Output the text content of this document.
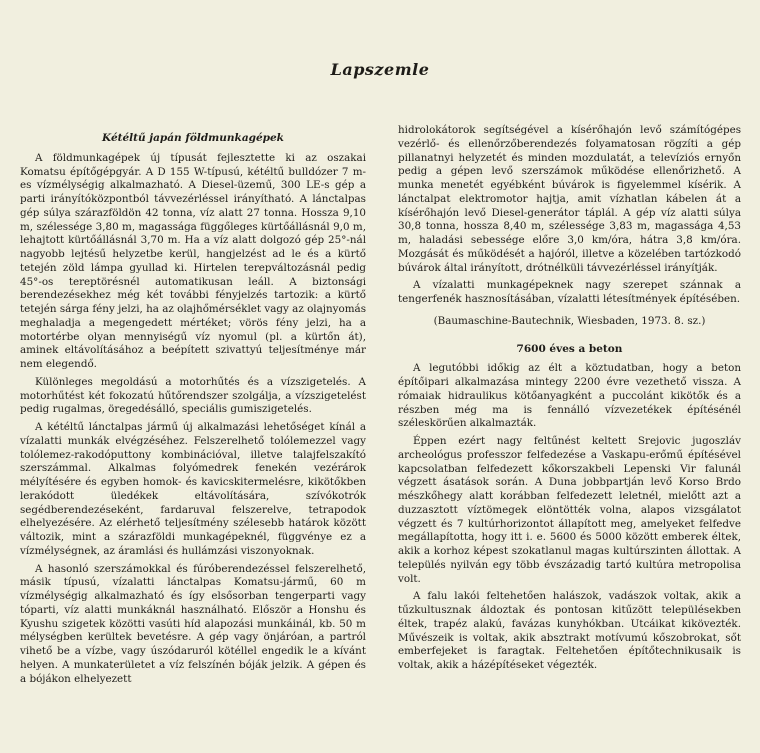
Lapszemle
Kétéltű japán földmunkagépek

A földmunkagépek új típusát fejlesztette ki az oszakai Komatsu építőgépgyár. A D 155 W-típusú, kétéltű bulldózer 7 m-es vízmélységig alkalmazható. A Diesel-üzemű, 300 LE-s gép a parti irányítóközpontból távvezérléssel irányítható. A lánctalpas gép súlya szárazföldön 42 tonna, víz alatt 27 tonna. Hossza 9,10 m, szélessége 3,80 m, magassága függőleges kürtőállásnál 9,0 m, lehajtott kürtőállásnál 3,70 m. Ha a víz alatt dolgozó gép 25°-nál nagyobb lejtésű helyzetbe kerül, hangjelzést ad le és a kürtő tetején zöld lámpa gyullad ki. Hirtelen terepváltozásnál pedig 45°-os tereptörésnél automatikusan leáll. A biztonsági berendezésekhez még két további fényjelzés tartozik: a kürtő tetején sárga fény jelzi, ha az olajhőmérséklet vagy az olajnyomás meghaladja a megengedett mértéket; vörös fény jelzi, ha a motortérbe olyan mennyiségű víz nyomul (pl. a kürtőn át), aminek eltávolításához a beépített szivattyú teljesítménye már nem elegendő.

Különleges megoldású a motorhűtés és a vízszigetelés. A motorhűtést két fokozatú hűtőrendszer szolgálja, a vízszigetelést pedig rugalmas, öregedésálló, speciális gumiszigetelés.

A kétéltű lánctalpas jármű új alkalmazási lehetőséget kínál a vízalatti munkák elvégzéséhez. Felszerelhető tolólemezzel vagy tolólemez-rakodóputtony kombinációval, illetve talajfelszakító szerszámmal. Alkalmas folyómedrek fenekén vezérárok mélyítésére és egyben homok- és kavicskitermelésre, kikötőkben lerakódott üledékek eltávolítására, szívókotrók segédberendezéseként, fardaruval felszerelve, tetrapodok elhelyezésére. Az elérhető teljesítmény szélesebb határok között változik, mint a szárazföldi munkagépeknél, függvénye ez a vízmélységnek, az áramlási és hullámzási viszonyoknak.

A hasonló szerszámokkal és fúróberendezéssel felszerelhető, másik típusú, vízalatti lánctalpas Komatsu-jármű, 60 m vízmélységig alkalmazható és így elsősorban tengerparti vagy tóparti, víz alatti munkáknál használható. Először a Honshu és Kyushu szigetek közötti vasúti híd alapozási munkáinál, kb. 50 m mélységben kerültek bevetésre. A gép vagy önjáróan, a partról vihető be a vízbe, vagy úszódaruról kötéllel engedik le a kívánt helyen. A munkaterületet a víz felszínén bóják jelzik. A gépen és a bójákon elhelyezett

hidrolokátorok segítségével a kísérőhajón levő számítógépes vezérlő- és ellenőrzőberendezés folyamatosan rögzíti a gép pillanatnyi helyzetét és minden mozdulatát, a televíziós ernyőn pedig a gépen levő szerszámok működése ellenőrizhető. A munka menetét egyébként búvárok is figyelemmel kísérik. A lánctalpat elektromotor hajtja, amit vízhatlan kábelen át a kísérőhajón levő Diesel-generátor táplál. A gép víz alatti súlya 30,8 tonna, hossza 8,40 m, szélessége 3,83 m, magassága 4,53 m, haladási sebessége előre 3,0 km/óra, hátra 3,8 km/óra. Mozgását és működését a hajóról, illetve a közelében tartózkodó búvárok által irányított, drótnélküli távvezérléssel irányítják.

A vízalatti munkagépeknek nagy szerepet szánnak a tengerfenék hasznosításában, vízalatti létesítmények építésében.

(Baumaschine-Bautechnik, Wiesbaden, 1973. 8. sz.)

7600 éves a beton

A legutóbbi időkig az élt a köztudatban, hogy a beton építőipari alkalmazása mintegy 2200 évre vezethető vissza. A rómaiak hidraulikus kötőanyagként a puccolánt kikötők és a részben még ma is fennálló vízvezetékek építésénél széleskörűen alkalmazták.

Éppen ezért nagy feltűnést keltett Srejovic jugoszláv archeológus professzor felfedezése a Vaskapu-erőmű építésével kapcsolatban felfedezett kőkorszakbeli Lepenski Vir falunál végzett ásatások során. A Duna jobbpartján levő Korso Brdo mészkőhegy alatt korábban felfedezett leletnél, mielőtt azt a duzzasztott víztömegek elöntötték volna, alapos vizsgálatot végzett és 7 kultúrhorizontot állapított meg, amelyeket felfedve megállapította, hogy itt i. e. 5600 és 5000 között emberek éltek, akik a korhoz képest szokatlanul magas kultúrszinten állottak. A település nyilván egy több évszázadig tartó kultúra metropolisa volt.

A falu lakói feltehetően halászok, vadászok voltak, akik a tűzkultusznak áldoztak és pontosan kitűzött településekben éltek, trapéz alakú, favázas kunyhókban. Utcáikat kikövezték. Művészeik is voltak, akik absztrakt motívumú kőszobrokat, sőt emberfejeket is faragtak. Feltehetően építőtechnikusaik is voltak, akik a házépítéseket végezték.
